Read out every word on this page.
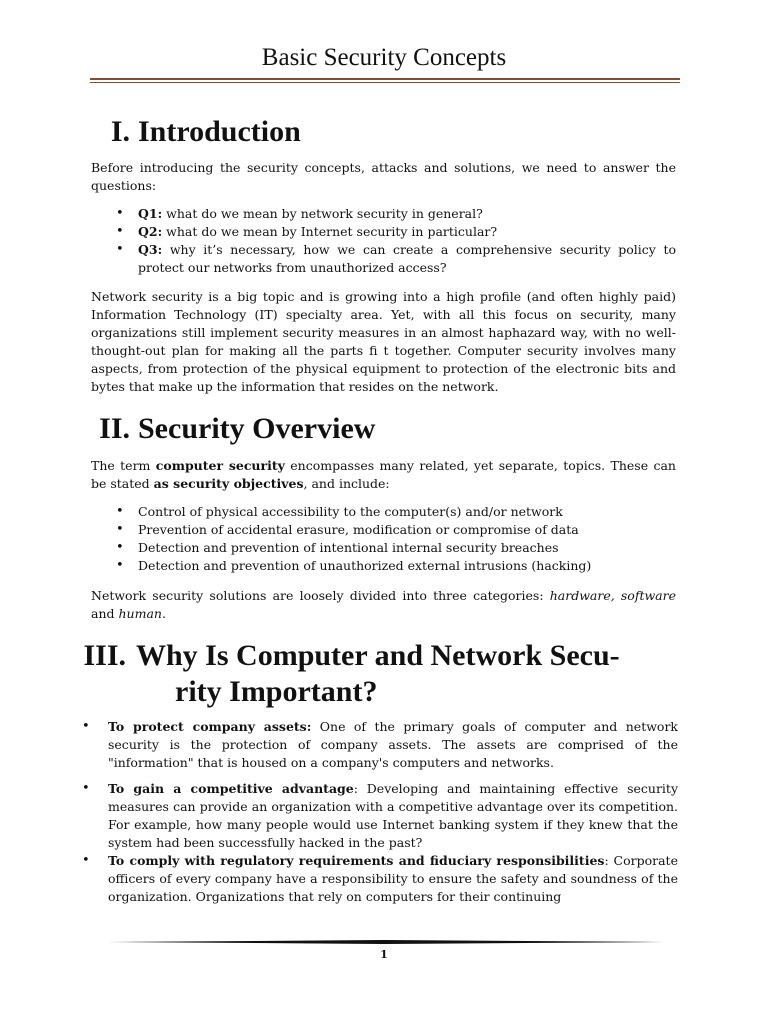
Basic Security Concepts
I. Introduction

Before introducing the security concepts, attacks and solutions, we need to answer the questions:

• Q1: what do we mean by network security in general?
• Q2: what do we mean by Internet security in particular?
• Q3: why it’s necessary, how we can create a comprehensive security policy to protect our networks from unauthorized access?

Network security is a big topic and is growing into a high profile (and often highly paid) Information Technology (IT) specialty area. Yet, with all this focus on security, many organizations still implement security measures in an almost haphazard way, with no well-thought-out plan for making all the parts fi t together. Computer security involves many aspects, from protection of the physical equipment to protection of the electronic bits and bytes that make up the information that resides on the network.

II. Security Overview

The term computer security encompasses many related, yet separate, topics. These can be stated as security objectives, and include:

• Control of physical accessibility to the computer(s) and/or network
• Prevention of accidental erasure, modification or compromise of data
• Detection and prevention of intentional internal security breaches
• Detection and prevention of unauthorized external intrusions (hacking)

Network security solutions are loosely divided into three categories: hardware, software and human.

III. Why Is Computer and Network Secu-
rity Important?
• To protect company assets: One of the primary goals of computer and network security is the protection of company assets. The assets are comprised of the "information" that is housed on a company's computers and networks.
• To gain a competitive advantage: Developing and maintaining effective security measures can provide an organization with a competitive advantage over its competition. For example, how many people would use Internet banking system if they knew that the system had been successfully hacked in the past?
• To comply with regulatory requirements and fiduciary responsibilities: Corporate officers of every company have a responsibility to ensure the safety and soundness of the organization. Organizations that rely on computers for their continuing
1
